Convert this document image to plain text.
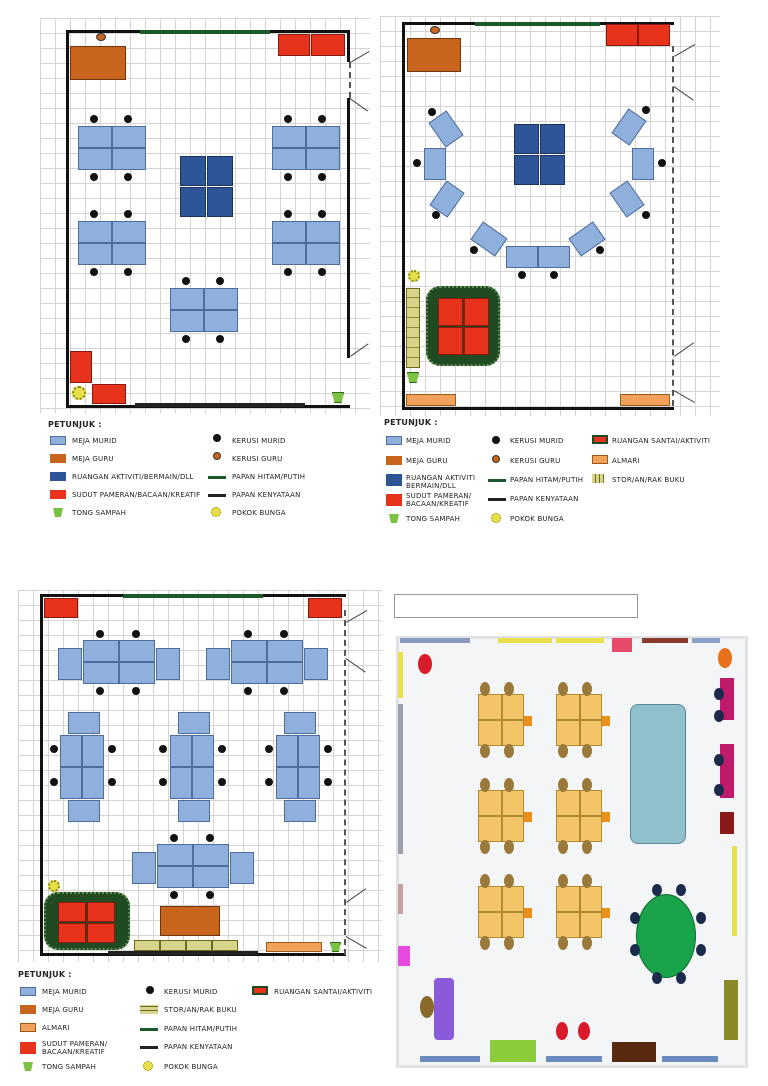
PETUNJUK :
MEJA MURID
MEJA GURU
RUANGAN AKTIVITI/BERMAIN/DLL
SUDUT PAMERAN/BACAAN/KREATIF
TONG SAMPAH
KERUSI MURID
KERUSI GURU
PAPAN HITAM/PUTIH
PAPAN KENYATAAN
POKOK BUNGA
PETUNJUK :
MEJA MURID
MEJA GURU
RUANGAN AKTIVITI BERMAIN/DLL
SUDUT PAMERAN/ BACAAN/KREATIF
TONG SAMPAH
KERUSI MURID
KERUSI GURU
PAPAN HITAM/PUTIH
PAPAN KENYATAAN
POKOK BUNGA
RUANGAN SANTAI/AKTIVITI
ALMARI
STOR/AN/RAK BUKU
PETUNJUK :
MEJA MURID
MEJA GURU
ALMARI
SUDUT PAMERAN/ BACAAN/KREATIF
TONG SAMPAH
KERUSI MURID
STOR/AN/RAK BUKU
PAPAN HITAM/PUTIH
PAPAN KENYATAAN
POKOK BUNGA
RUANGAN SANTAI/AKTIVITI
